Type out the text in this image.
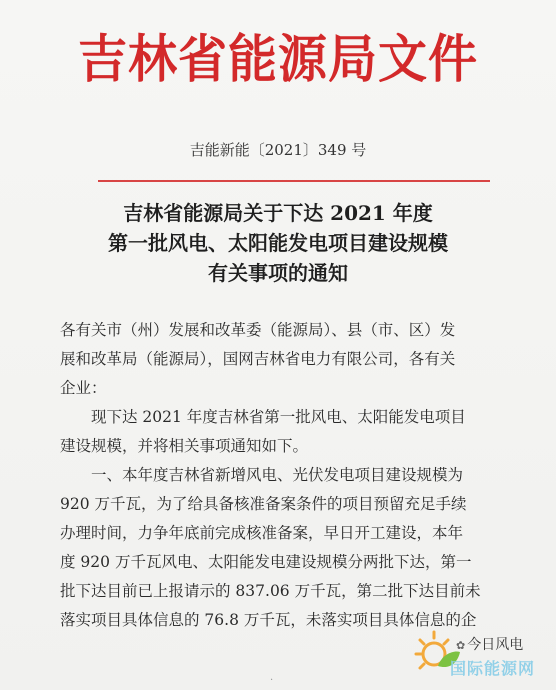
吉林省能源局文件
吉能新能〔2021〕349 号
吉林省能源局关于下达 2021 年度
第一批风电、太阳能发电项目建设规模
有关事项的通知
各有关市（州）发展和改革委（能源局）、县（市、区）发
展和改革局（能源局），国网吉林省电力有限公司，各有关
企业：
　　现下达 2021 年度吉林省第一批风电、太阳能发电项目
建设规模，并将相关事项通知如下。
　　一、本年度吉林省新增风电、光伏发电项目建设规模为
920 万千瓦，为了给具备核准备案条件的项目预留充足手续
办理时间，力争年底前完成核准备案，早日开工建设，本年
度 920 万千瓦风电、太阳能发电建设规模分两批下达，第一
批下达目前已上报请示的 837.06 万千瓦，第二批下达目前未
落实项目具体信息的 76.8 万千瓦，未落实项目具体信息的企
·
✿ 今日风电
国际能源网
